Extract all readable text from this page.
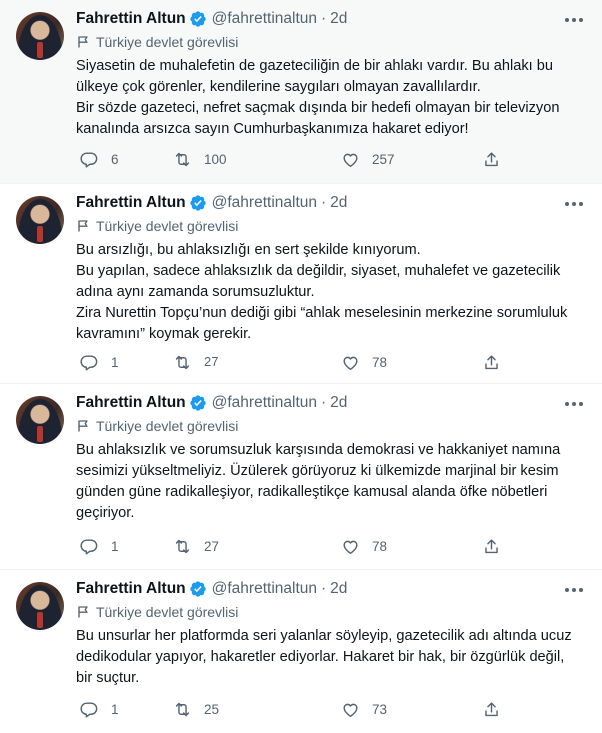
Fahrettin Altun @fahrettinaltun · 2d
Türkiye devlet görevlisi

Siyasetin de muhalefetin de gazeteciliğin de bir ahlakı vardır. Bu ahlakı bu ülkeye çok görenler, kendilerine saygıları olmayan zavallılardır.

Bir sözde gazeteci, nefret saçmak dışında bir hedefi olmayan bir televizyon kanalında arsızca sayın Cumhurbaşkanımıza hakaret ediyor!

6	100	257
Fahrettin Altun @fahrettinaltun · 2d
Türkiye devlet görevlisi

Bu arsızlığı, bu ahlaksızlığı en sert şekilde kınıyorum.

Bu yapılan, sadece ahlaksızlık da değildir, siyaset, muhalefet ve gazetecilik adına aynı zamanda sorumsuzluktur.

Zira Nurettin Topçu’nun dediği gibi “ahlak meselesinin merkezine sorumluluk kavramını” koymak gerekir.

1	27	78
Fahrettin Altun @fahrettinaltun · 2d
Türkiye devlet görevlisi

Bu ahlaksızlık ve sorumsuzluk karşısında demokrasi ve hakkaniyet namına sesimizi yükseltmeliyiz. Üzülerek görüyoruz ki ülkemizde marjinal bir kesim günden güne radikalleşiyor, radikalleştikçe kamusal alanda öfke nöbetleri geçiriyor.

1	27	78
Fahrettin Altun @fahrettinaltun · 2d
Türkiye devlet görevlisi

Bu unsurlar her platformda seri yalanlar söyleyip, gazetecilik adı altında ucuz dedikodular yapıyor, hakaretler ediyorlar. Hakaret bir hak, bir özgürlük değil, bir suçtur.

1	25	73
